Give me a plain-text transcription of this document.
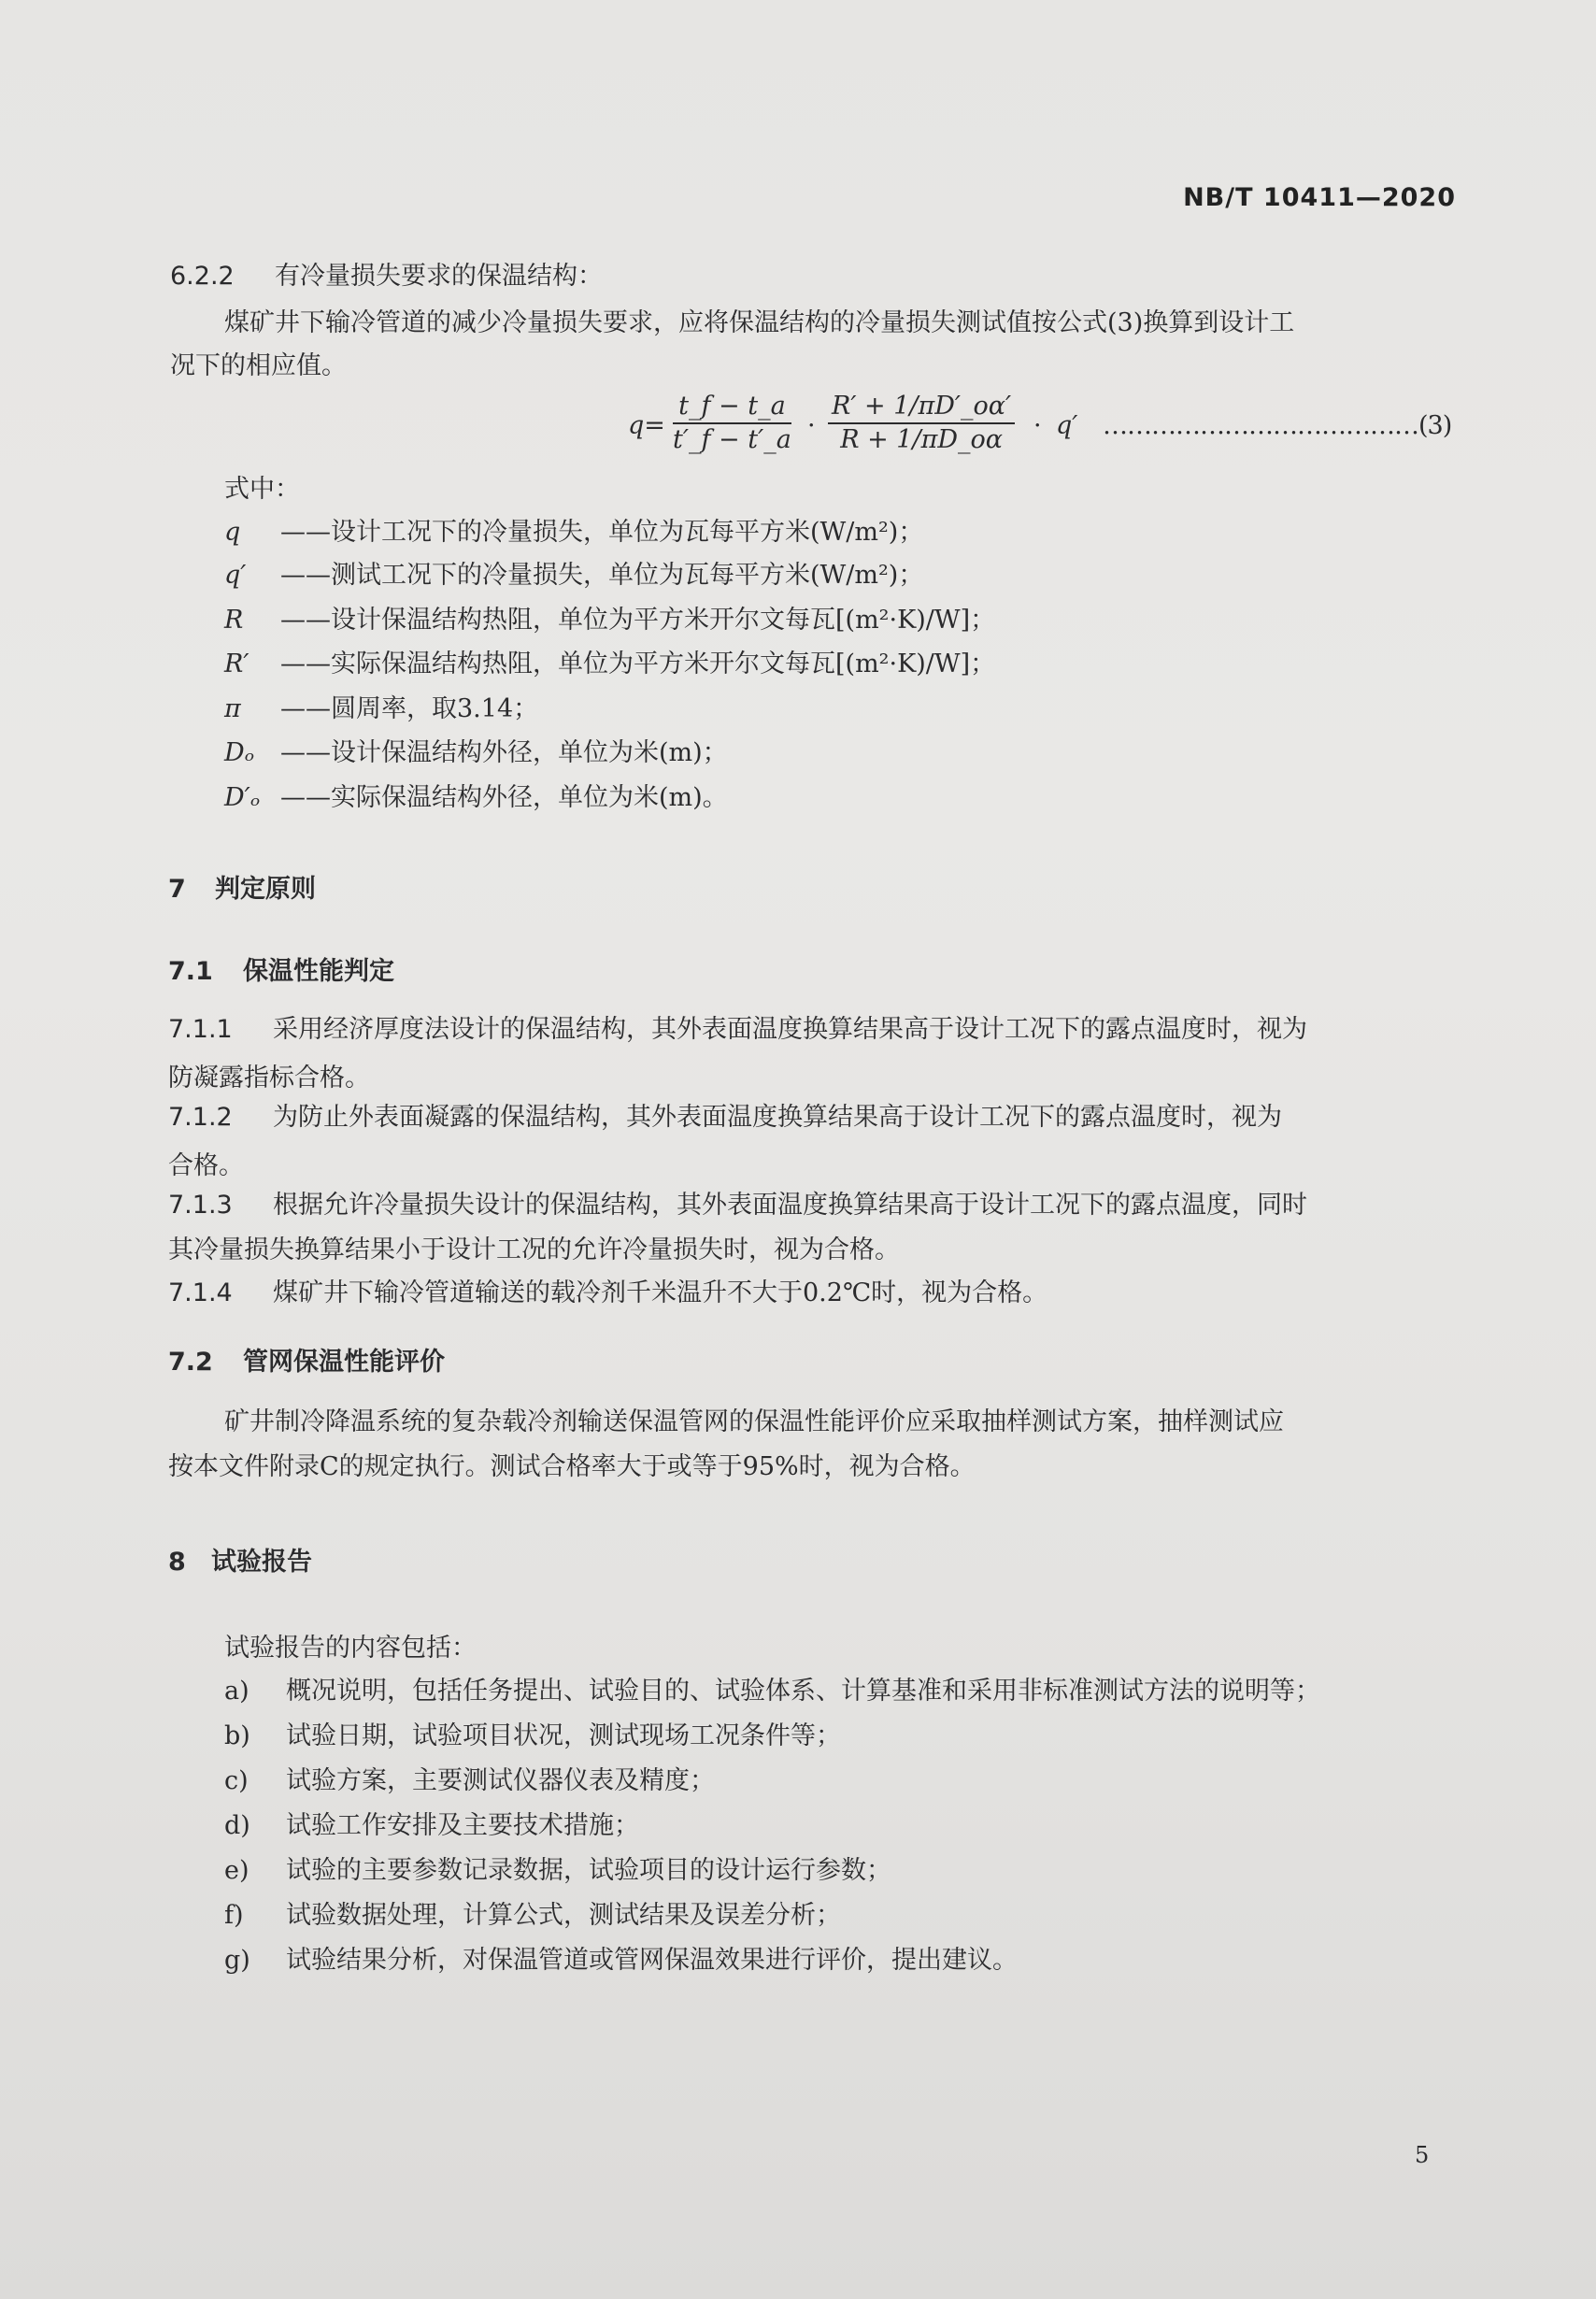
NB/T 10411—2020
6.2.2 有冷量损失要求的保温结构：
煤矿井下输冷管道的减少冷量损失要求，应将保温结构的冷量损失测试值按公式(3)换算到设计工
况下的相应值。
$q= \frac{t\_f - t\_a}{t'\_f - t'\_a} \cdot \frac{R' + 1/\pi D'\_o\alpha'}{R + 1/\pi D\_o\alpha} \cdot q'$ …………………………………(3)
式中：
q ——设计工况下的冷量损失，单位为瓦每平方米(W/m²)；
q′ ——测试工况下的冷量损失，单位为瓦每平方米(W/m²)；
R ——设计保温结构热阻，单位为平方米开尔文每瓦[(m²·K)/W]；
R′ ——实际保温结构热阻，单位为平方米开尔文每瓦[(m²·K)/W]；
π ——圆周率，取3.14；
Dₒ ——设计保温结构外径，单位为米(m)；
D′ₒ ——实际保温结构外径，单位为米(m)。
7 判定原则
7.1 保温性能判定
7.1.1 采用经济厚度法设计的保温结构，其外表面温度换算结果高于设计工况下的露点温度时，视为
防凝露指标合格。
7.1.2 为防止外表面凝露的保温结构，其外表面温度换算结果高于设计工况下的露点温度时，视为
合格。
7.1.3 根据允许冷量损失设计的保温结构，其外表面温度换算结果高于设计工况下的露点温度，同时
其冷量损失换算结果小于设计工况的允许冷量损失时，视为合格。
7.1.4 煤矿井下输冷管道输送的载冷剂千米温升不大于0.2℃时，视为合格。
7.2 管网保温性能评价
矿井制冷降温系统的复杂载冷剂输送保温管网的保温性能评价应采取抽样测试方案，抽样测试应
按本文件附录C的规定执行。测试合格率大于或等于95%时，视为合格。
8 试验报告
试验报告的内容包括：
a) 概况说明，包括任务提出、试验目的、试验体系、计算基准和采用非标准测试方法的说明等；
b) 试验日期，试验项目状况，测试现场工况条件等；
c) 试验方案，主要测试仪器仪表及精度；
d) 试验工作安排及主要技术措施；
e) 试验的主要参数记录数据，试验项目的设计运行参数；
f) 试验数据处理，计算公式，测试结果及误差分析；
g) 试验结果分析，对保温管道或管网保温效果进行评价，提出建议。
5
